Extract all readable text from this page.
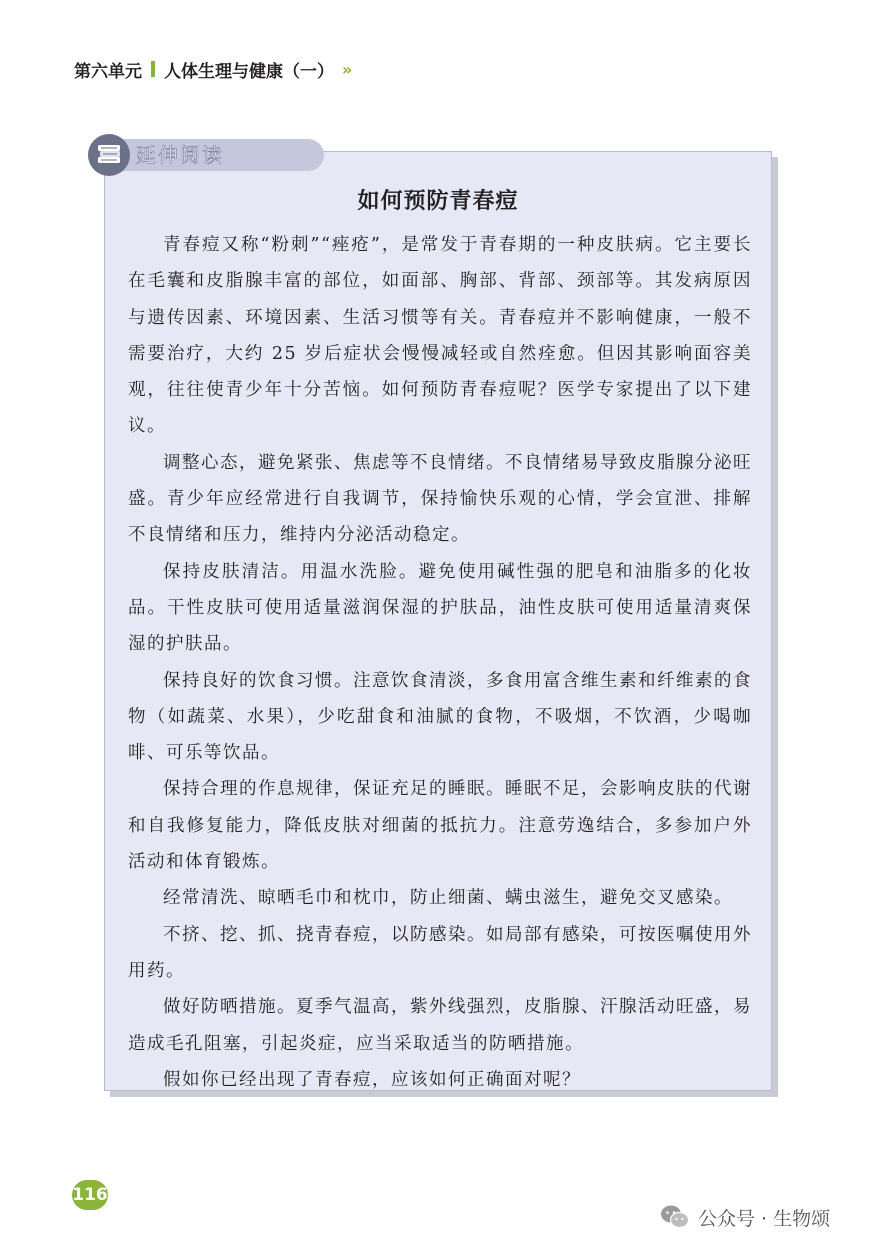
第六单元 人体生理与健康（一） »
延伸阅读
如何预防青春痘

青春痘又称“粉刺”“痤疮”，是常发于青春期的一种皮肤病。它主要长在毛囊和皮脂腺丰富的部位，如面部、胸部、背部、颈部等。其发病原因与遗传因素、环境因素、生活习惯等有关。青春痘并不影响健康，一般不需要治疗，大约 25 岁后症状会慢慢减轻或自然痊愈。但因其影响面容美观，往往使青少年十分苦恼。如何预防青春痘呢？医学专家提出了以下建议。

调整心态，避免紧张、焦虑等不良情绪。不良情绪易导致皮脂腺分泌旺盛。青少年应经常进行自我调节，保持愉快乐观的心情，学会宣泄、排解不良情绪和压力，维持内分泌活动稳定。

保持皮肤清洁。用温水洗脸。避免使用碱性强的肥皂和油脂多的化妆品。干性皮肤可使用适量滋润保湿的护肤品，油性皮肤可使用适量清爽保湿的护肤品。

保持良好的饮食习惯。注意饮食清淡，多食用富含维生素和纤维素的食物（如蔬菜、水果），少吃甜食和油腻的食物，不吸烟，不饮酒，少喝咖啡、可乐等饮品。

保持合理的作息规律，保证充足的睡眠。睡眠不足，会影响皮肤的代谢和自我修复能力，降低皮肤对细菌的抵抗力。注意劳逸结合，多参加户外活动和体育锻炼。

经常清洗、晾晒毛巾和枕巾，防止细菌、螨虫滋生，避免交叉感染。

不挤、挖、抓、挠青春痘，以防感染。如局部有感染，可按医嘱使用外用药。

做好防晒措施。夏季气温高，紫外线强烈，皮脂腺、汗腺活动旺盛，易造成毛孔阻塞，引起炎症，应当采取适当的防晒措施。

假如你已经出现了青春痘，应该如何正确面对呢？

116
公众号 · 生物颂
